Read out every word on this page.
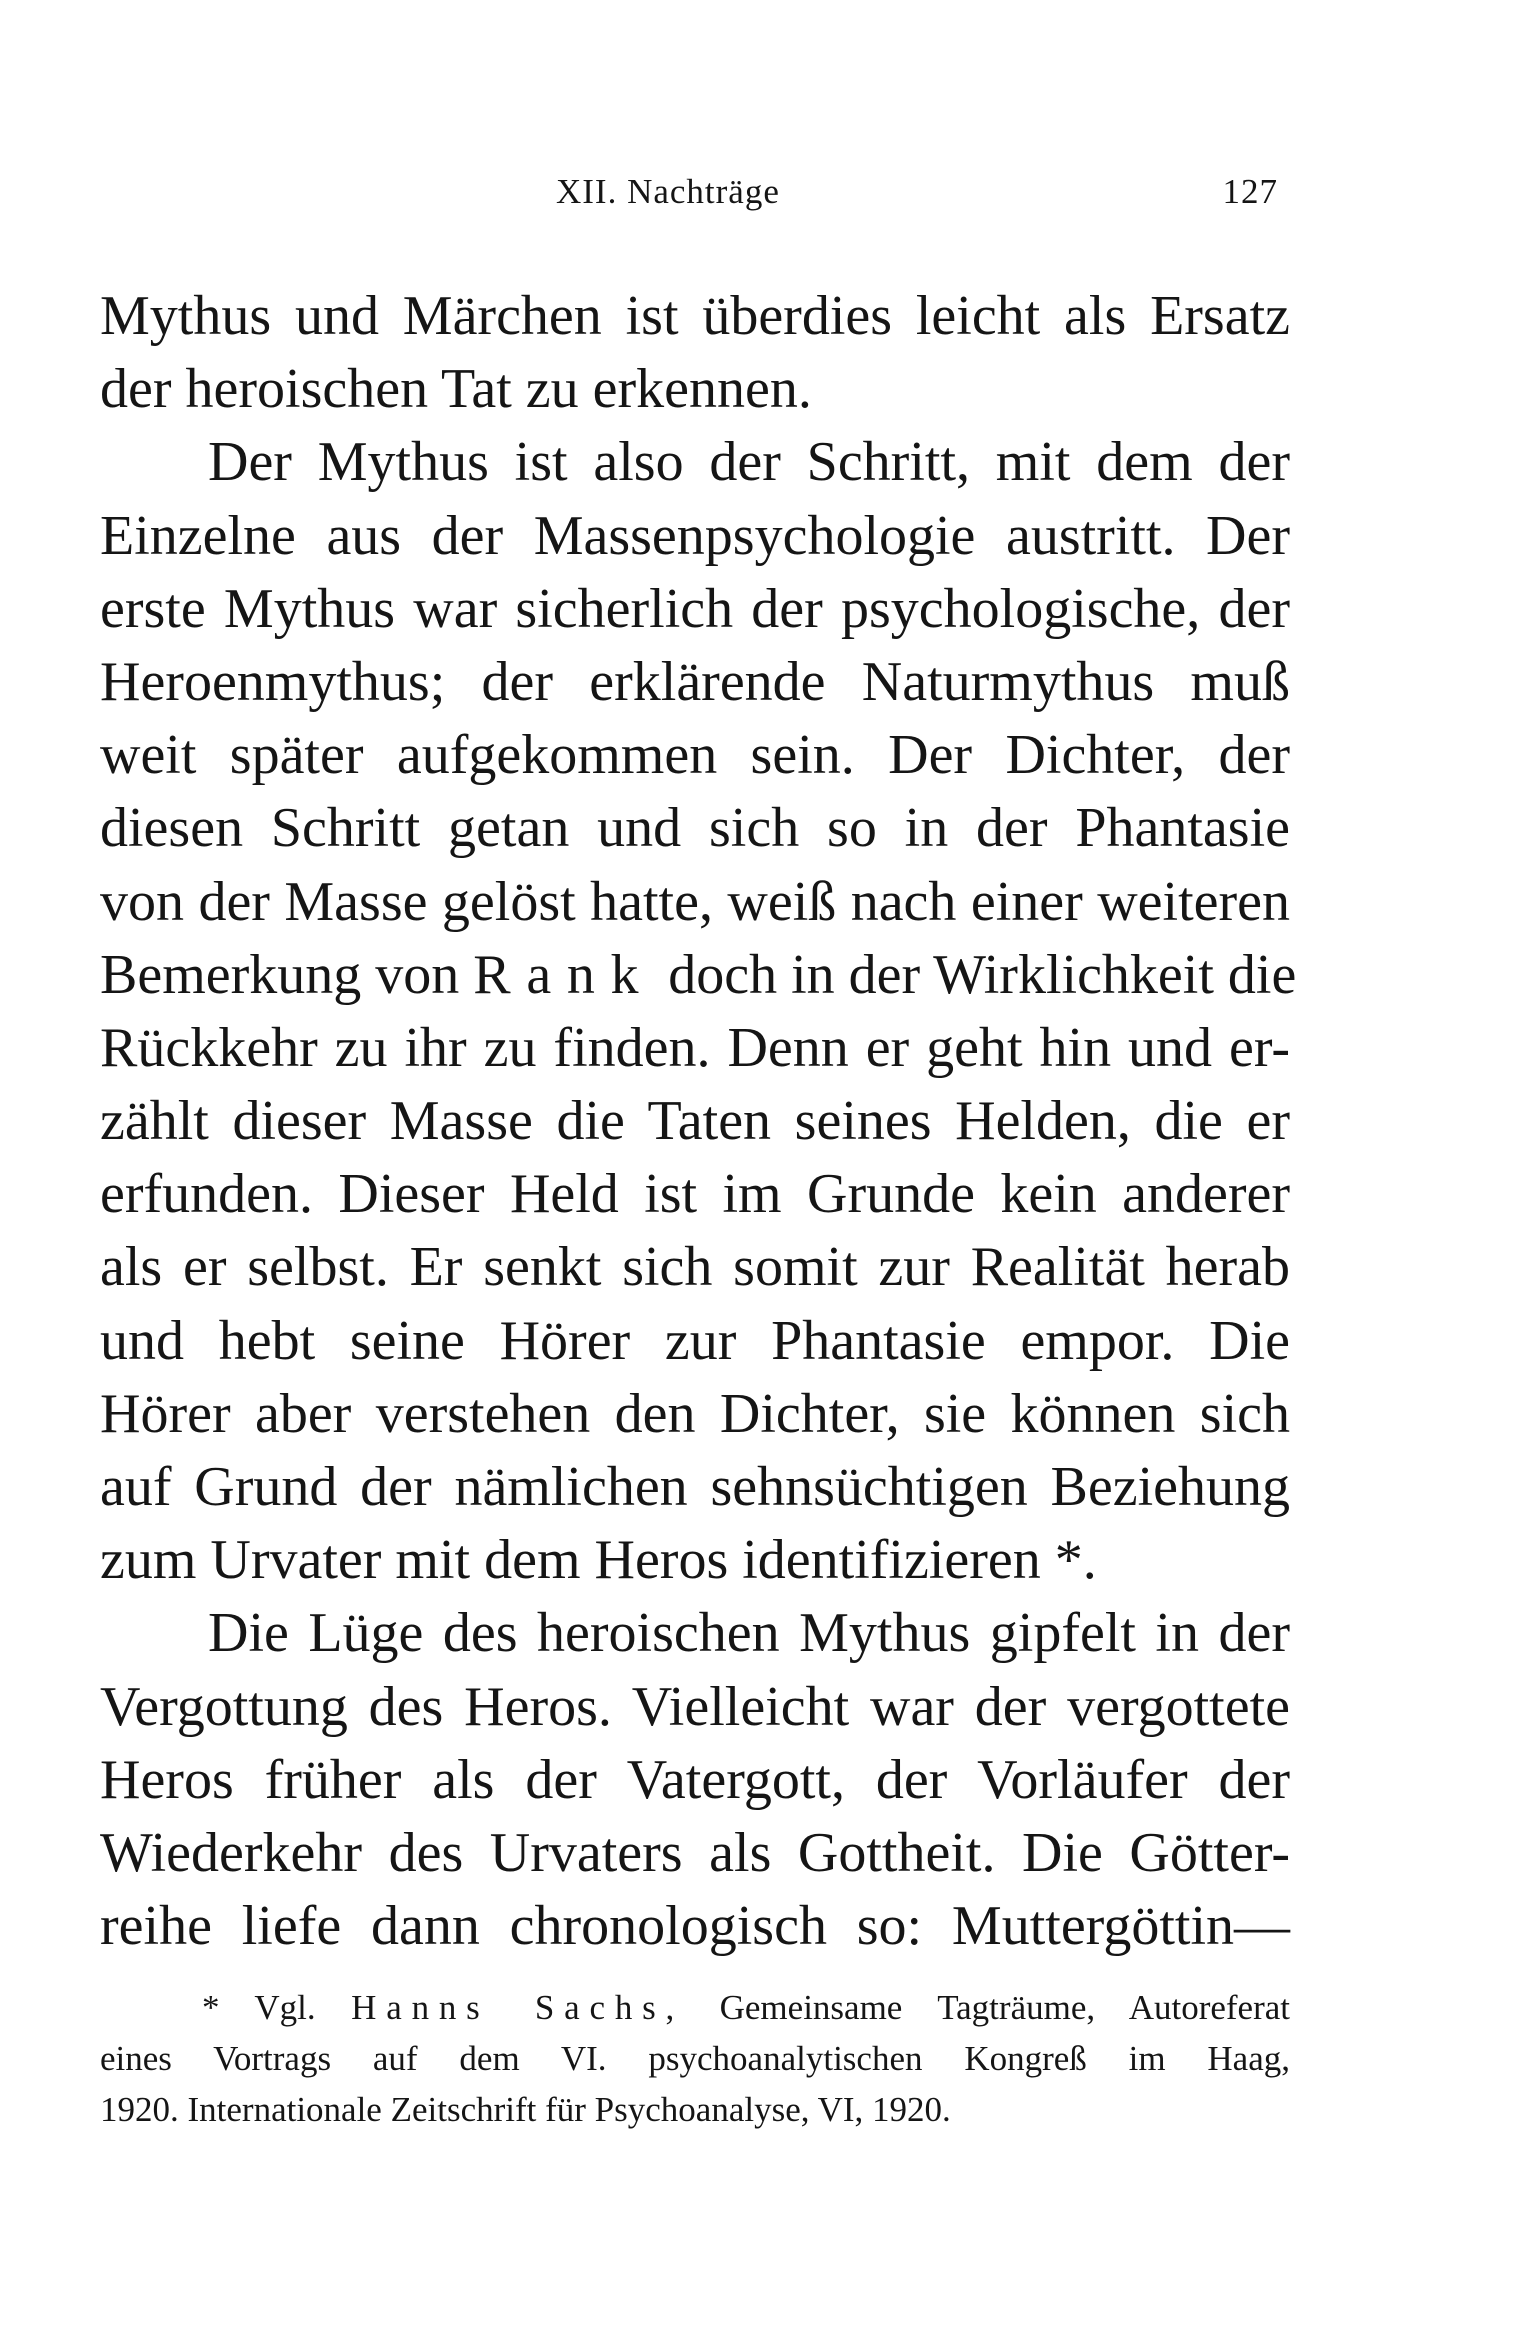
XII. Nachträge	127
Mythus und Märchen ist überdies leicht als Ersatz
der heroischen Tat zu erkennen.
Der Mythus ist also der Schritt, mit dem der
Einzelne aus der Massenpsychologie austritt. Der
erste Mythus war sicherlich der psychologische, der
Heroenmythus; der erklärende Naturmythus muß
weit später aufgekommen sein. Der Dichter, der
diesen Schritt getan und sich so in der Phantasie
von der Masse gelöst hatte, weiß nach einer weiteren
Bemerkung von Rank doch in der Wirklichkeit die
Rückkehr zu ihr zu finden. Denn er geht hin und er-
zählt dieser Masse die Taten seines Helden, die er
erfunden. Dieser Held ist im Grunde kein anderer
als er selbst. Er senkt sich somit zur Realität herab
und hebt seine Hörer zur Phantasie empor. Die
Hörer aber verstehen den Dichter, sie können sich
auf Grund der nämlichen sehnsüchtigen Beziehung
zum Urvater mit dem Heros identifizieren *.
Die Lüge des heroischen Mythus gipfelt in der
Vergottung des Heros. Vielleicht war der vergottete
Heros früher als der Vatergott, der Vorläufer der
Wiederkehr des Urvaters als Gottheit. Die Götter-
reihe liefe dann chronologisch so: Muttergöttin—
* Vgl. Hanns Sachs, Gemeinsame Tagträume, Autoreferat
eines Vortrags auf dem VI. psychoanalytischen Kongreß im Haag,
1920. Internationale Zeitschrift für Psychoanalyse, VI, 1920.
